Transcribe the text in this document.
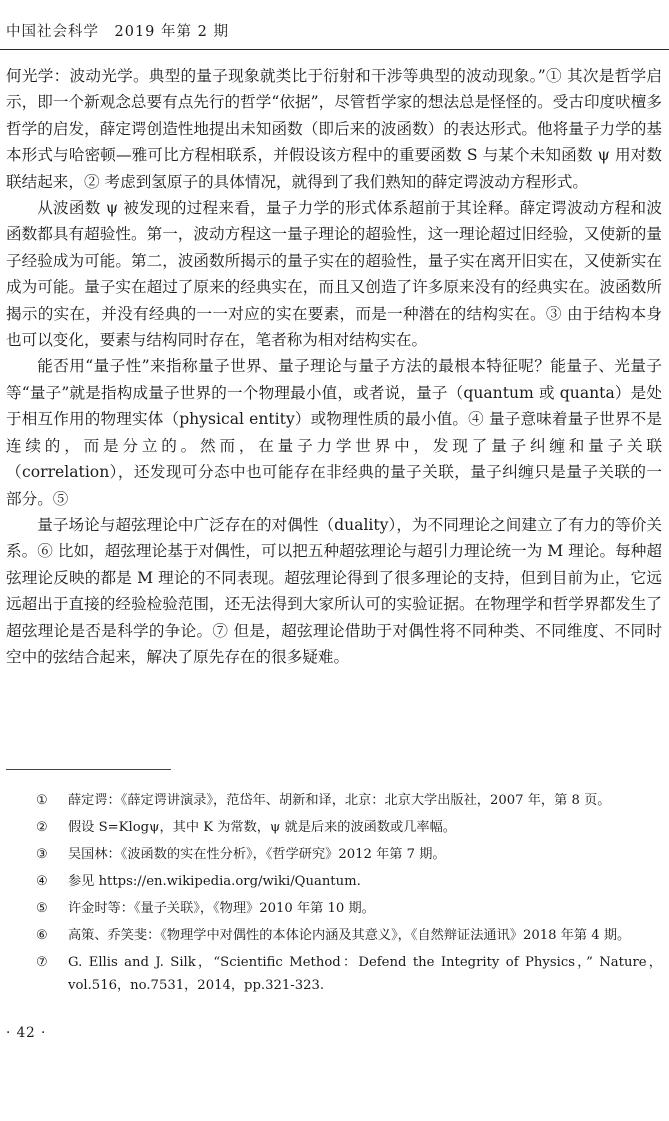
中国社会科学　2019 年第 2 期

何光学：波动光学。典型的量子现象就类比于衍射和干涉等典型的波动现象。”① 其次是哲学启示，即一个新观念总要有点先行的哲学“依据”，尽管哲学家的想法总是怪怪的。受古印度吠檀多哲学的启发，薛定谔创造性地提出未知函数（即后来的波函数）的表达形式。他将量子力学的基本形式与哈密顿—雅可比方程相联系，并假设该方程中的重要函数 S 与某个未知函数 ψ 用对数联结起来，② 考虑到氢原子的具体情况，就得到了我们熟知的薛定谔波动方程形式。

从波函数 ψ 被发现的过程来看，量子力学的形式体系超前于其诠释。薛定谔波动方程和波函数都具有超验性。第一，波动方程这一量子理论的超验性，这一理论超过旧经验，又使新的量子经验成为可能。第二，波函数所揭示的量子实在的超验性，量子实在离开旧实在，又使新实在成为可能。量子实在超过了原来的经典实在，而且又创造了许多原来没有的经典实在。波函数所揭示的实在，并没有经典的一一对应的实在要素，而是一种潜在的结构实在。③ 由于结构本身也可以变化，要素与结构同时存在，笔者称为相对结构实在。

能否用“量子性”来指称量子世界、量子理论与量子方法的最根本特征呢？能量子、光量子等“量子”就是指构成量子世界的一个物理最小值，或者说，量子（quantum 或 quanta）是处于相互作用的物理实体（physical entity）或物理性质的最小值。④ 量子意味着量子世界不是连续的，而是分立的。然而，在量子力学世界中，发现了量子纠缠和量子关联（correlation），还发现可分态中也可能存在非经典的量子关联，量子纠缠只是量子关联的一部分。⑤

量子场论与超弦理论中广泛存在的对偶性（duality），为不同理论之间建立了有力的等价关系。⑥ 比如，超弦理论基于对偶性，可以把五种超弦理论与超引力理论统一为 M 理论。每种超弦理论反映的都是 M 理论的不同表现。超弦理论得到了很多理论的支持，但到目前为止，它远远超出于直接的经验检验范围，还无法得到大家所认可的实验证据。在物理学和哲学界都发生了超弦理论是否是科学的争论。⑦ 但是，超弦理论借助于对偶性将不同种类、不同维度、不同时空中的弦结合起来，解决了原先存在的很多疑难。

①	薛定谔：《薛定谔讲演录》，范岱年、胡新和译，北京：北京大学出版社，2007 年，第 8 页。
②	假设 S=Klogψ，其中 K 为常数，ψ 就是后来的波函数或几率幅。
③	吴国林：《波函数的实在性分析》，《哲学研究》2012 年第 7 期。
④	参见 https://en.wikipedia.org/wiki/Quantum.
⑤	许金时等：《量子关联》，《物理》2010 年第 10 期。
⑥	高策、乔笑斐：《物理学中对偶性的本体论内涵及其意义》，《自然辩证法通讯》2018 年第 4 期。
⑦	G. Ellis and J. Silk，“Scientific Method：Defend the Integrity of Physics，” Nature，vol.516，no.7531，2014，pp.321-323.
· 42 ·
